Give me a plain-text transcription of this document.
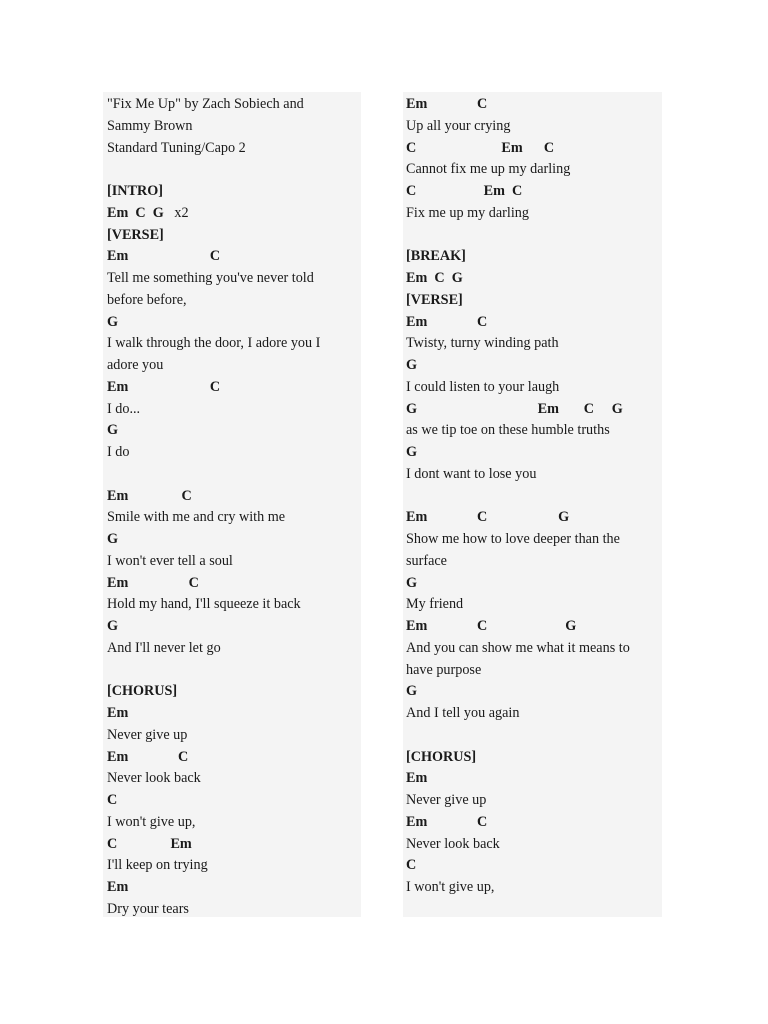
"Fix Me Up" by Zach Sobiech and
Sammy Brown
Standard Tuning/Capo 2
[INTRO]
Em  C  G   x2
[VERSE]
Em                       C
Tell me something you've never told
before before,
G
I walk through the door, I adore you I
adore you
Em                       C
I do...
G
I do
Em               C
Smile with me and cry with me
G
I won't ever tell a soul
Em                 C
Hold my hand, I'll squeeze it back
G
And I'll never let go
[CHORUS]
Em
Never give up
Em              C
Never look back
C
I won't give up,
C               Em
I'll keep on trying
Em
Dry your tears
Em              C
Up all your crying
C                        Em      C
Cannot fix me up my darling
C                   Em  C
Fix me up my darling
[BREAK]
Em  C  G
[VERSE]
Em              C
Twisty, turny winding path
G
I could listen to your laugh
G                                  Em       C     G
as we tip toe on these humble truths
G
I dont want to lose you
Em              C                    G
Show me how to love deeper than the
surface
G
My friend
Em              C                      G
And you can show me what it means to
have purpose
G
And I tell you again
[CHORUS]
Em
Never give up
Em              C
Never look back
C
I won't give up,
